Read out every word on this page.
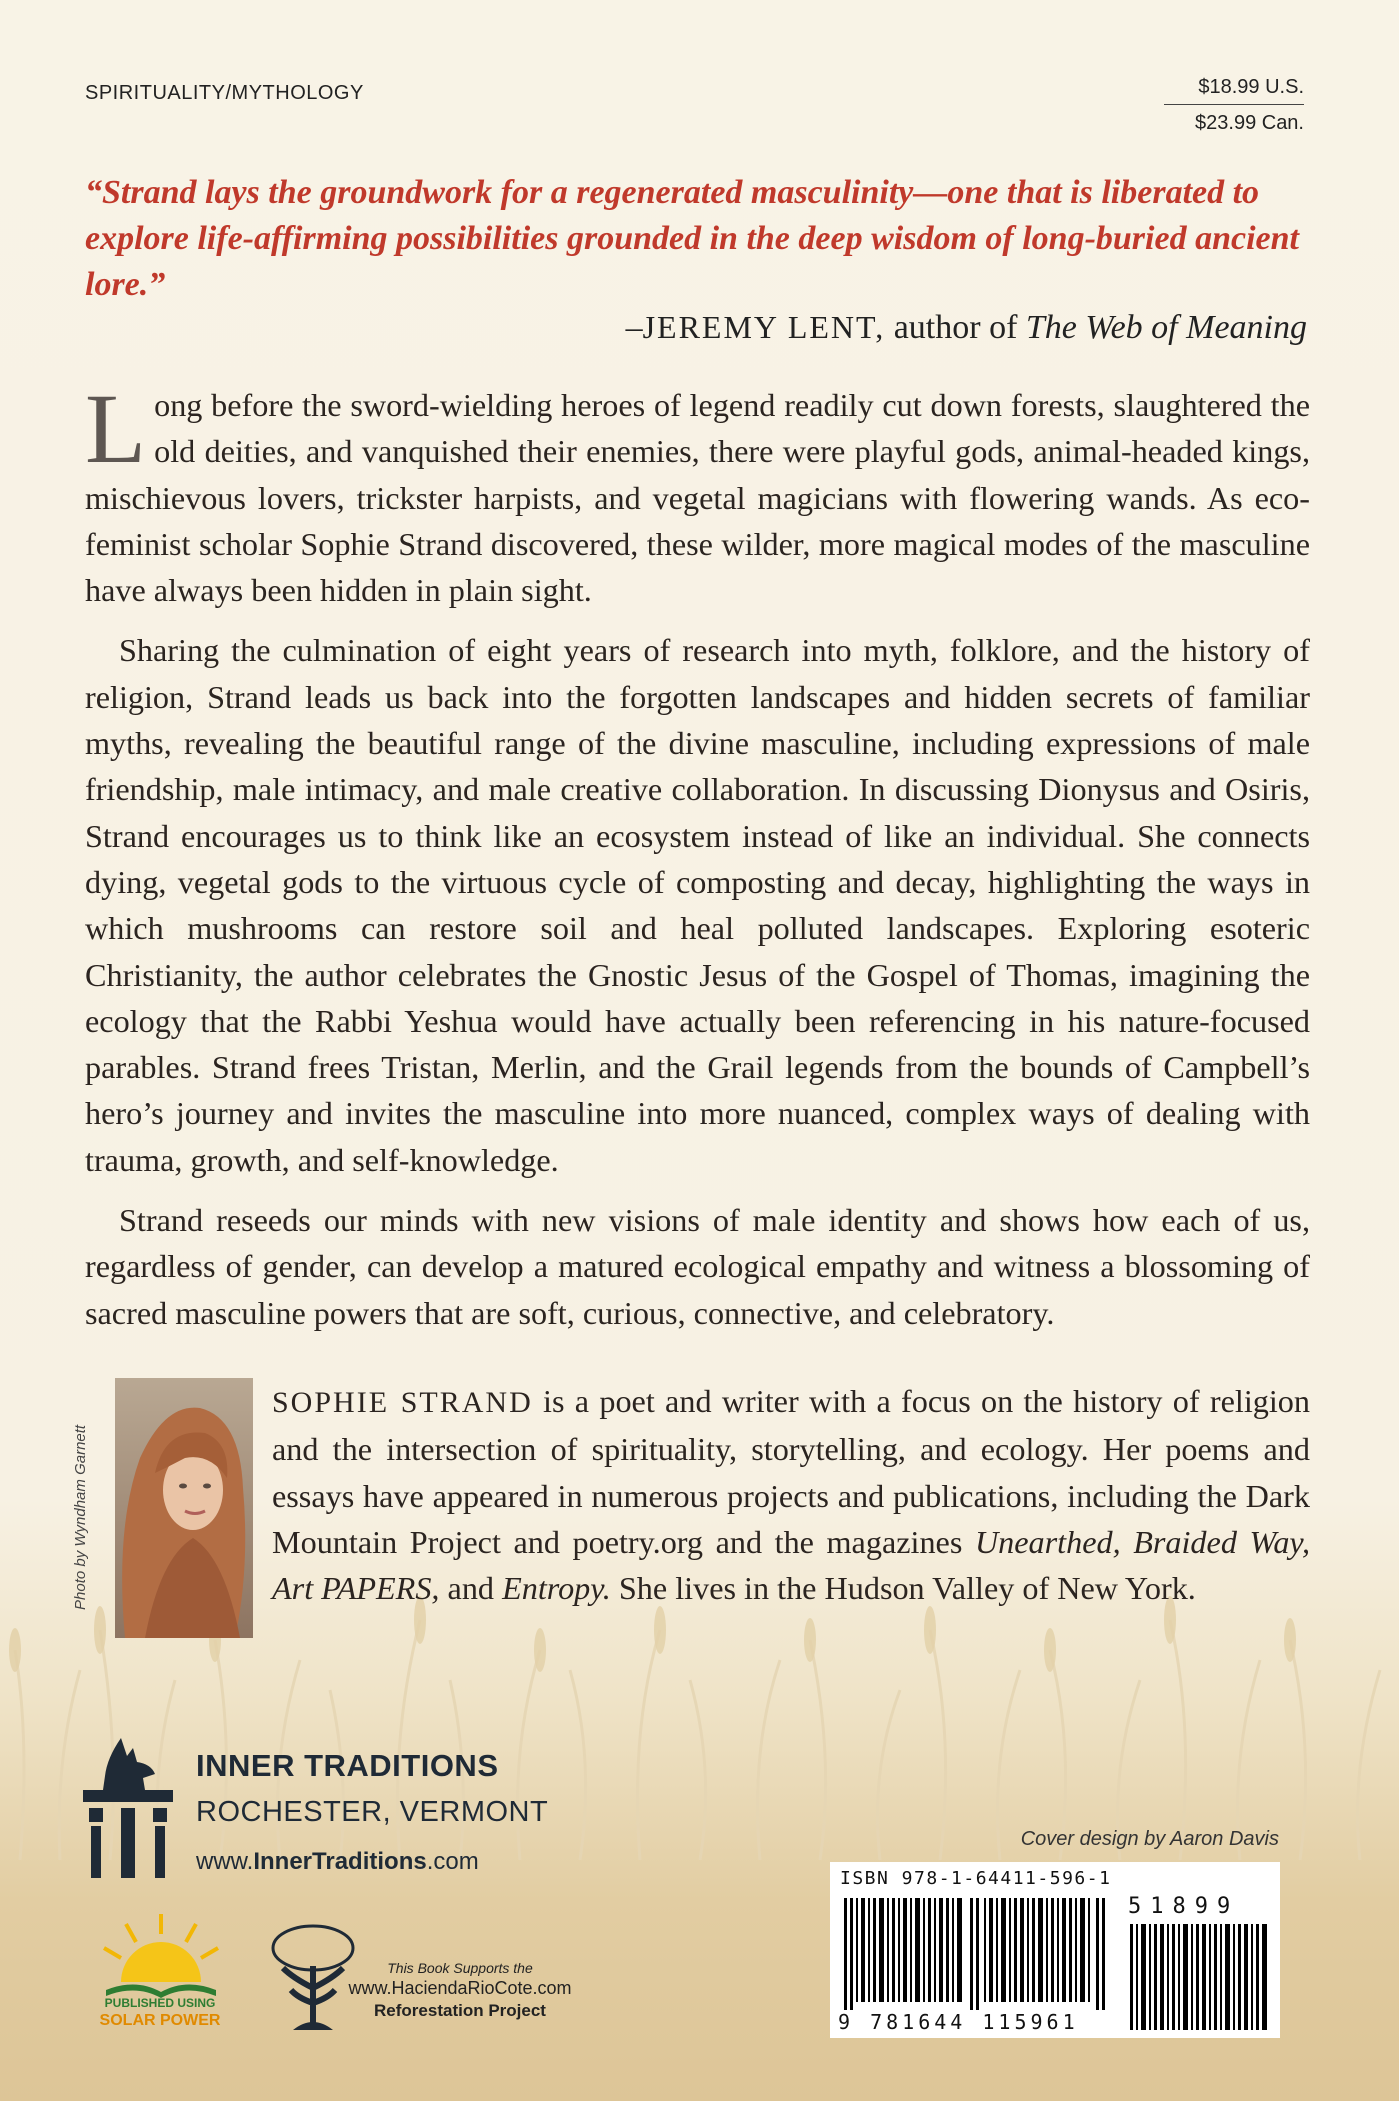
SPIRITUALITY/MYTHOLOGY	$18.99 U.S.
$23.99 Can.
“Strand lays the groundwork for a regenerated masculinity—one that is liberated to explore life-affirming possibilities grounded in the deep wisdom of long-buried ancient lore.”
–JEREMY LENT, author of The Web of Meaning

Long before the sword-wielding heroes of legend readily cut down forests, slaughtered the old deities, and vanquished their enemies, there were playful gods, animal-headed kings, mischievous lovers, trickster harpists, and vegetal magicians with flowering wands. As eco-feminist scholar Sophie Strand discovered, these wilder, more magical modes of the masculine have always been hidden in plain sight.

Sharing the culmination of eight years of research into myth, folklore, and the history of religion, Strand leads us back into the forgotten landscapes and hidden secrets of familiar myths, revealing the beautiful range of the divine masculine, including expressions of male friendship, male intimacy, and male creative collaboration. In discussing Dionysus and Osiris, Strand encourages us to think like an ecosystem instead of like an individual. She connects dying, vegetal gods to the virtuous cycle of composting and decay, highlighting the ways in which mushrooms can restore soil and heal polluted landscapes. Exploring esoteric Christianity, the author celebrates the Gnostic Jesus of the Gospel of Thomas, imagining the ecology that the Rabbi Yeshua would have actually been referencing in his nature-focused parables. Strand frees Tristan, Merlin, and the Grail legends from the bounds of Campbell’s hero’s journey and invites the masculine into more nuanced, complex ways of dealing with trauma, growth, and self-knowledge.

Strand reseeds our minds with new visions of male identity and shows how each of us, regardless of gender, can develop a matured ecological empathy and witness a blossoming of sacred masculine powers that are soft, curious, connective, and celebratory.

Photo by Wyndham Garnett
SOPHIE STRAND is a poet and writer with a focus on the history of religion and the intersection of spirituality, storytelling, and ecology. Her poems and essays have appeared in numerous projects and publications, including the Dark Mountain Project and poetry.org and the magazines Unearthed, Braided Way, Art PAPERS, and Entropy. She lives in the Hudson Valley of New York.
INNER TRADITIONS
ROCHESTER, VERMONT
www.InnerTraditions.com
Cover design by Aaron Davis
ISBN 978-1-64411-596-1
51899
9 781644 115961
PUBLISHED USING
SOLAR POWER
This Book Supports the
www.HaciendaRioCote.com
Reforestation Project
